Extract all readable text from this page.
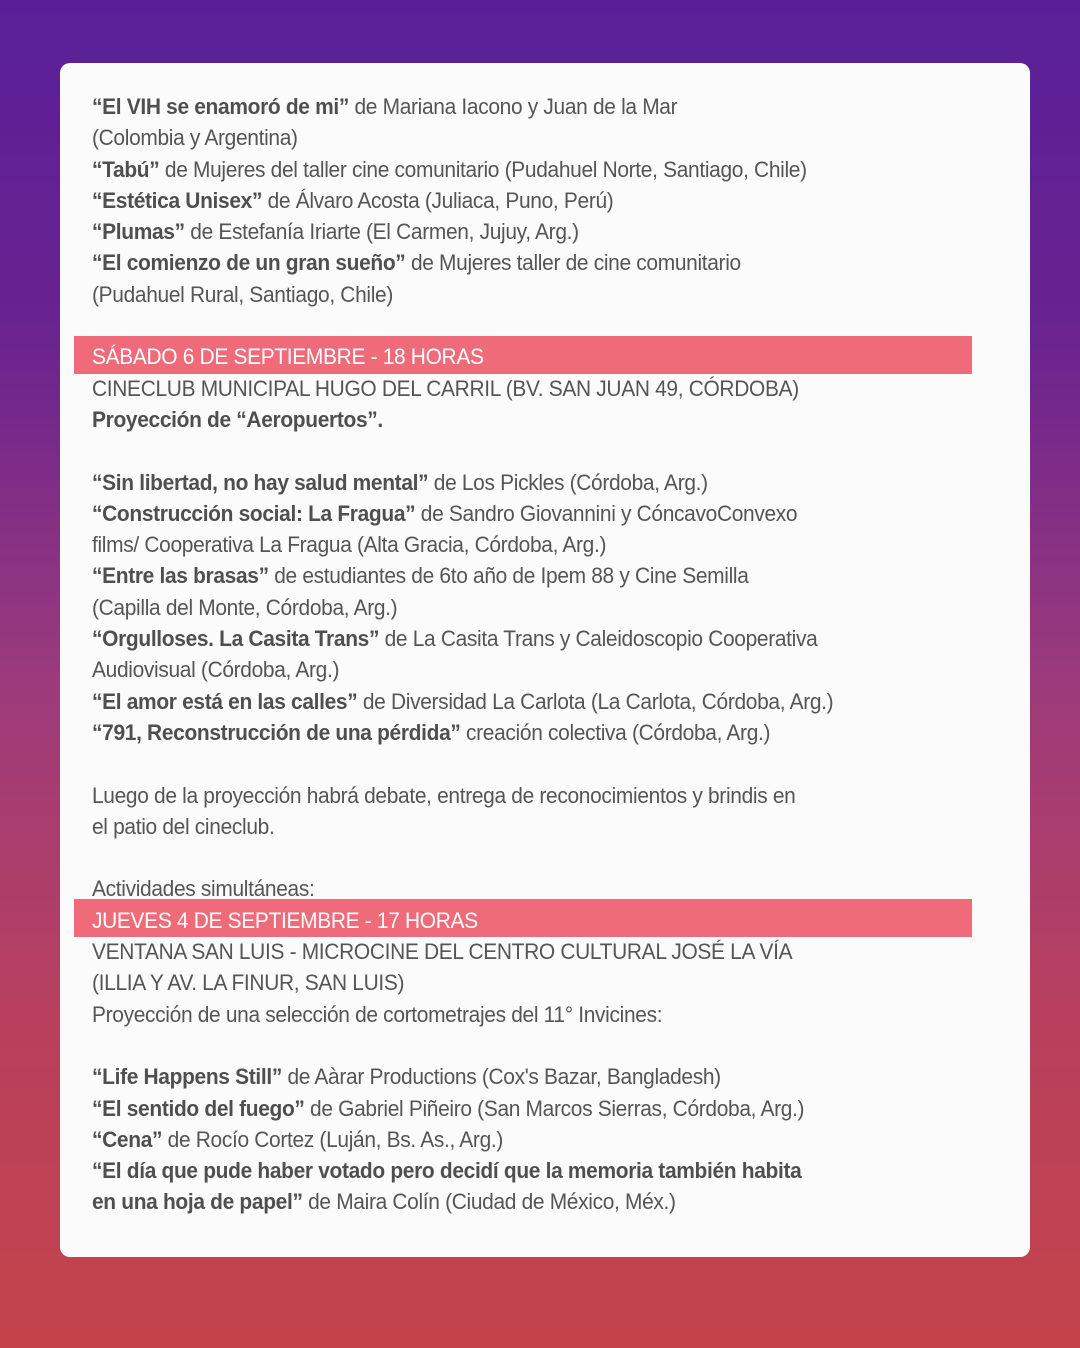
“El VIH se enamoró de mi” de Mariana Iacono y Juan de la Mar
(Colombia y Argentina)
“Tabú” de Mujeres del taller cine comunitario (Pudahuel Norte, Santiago, Chile)
“Estética Unisex” de Álvaro Acosta (Juliaca, Puno, Perú)
“Plumas” de Estefanía Iriarte (El Carmen, Jujuy, Arg.)
“El comienzo de un gran sueño” de Mujeres taller de cine comunitario
(Pudahuel Rural, Santiago, Chile)
SÁBADO 6 DE SEPTIEMBRE - 18 HORAS
CINECLUB MUNICIPAL HUGO DEL CARRIL (BV. SAN JUAN 49, CÓRDOBA)
Proyección de “Aeropuertos”.
“Sin libertad, no hay salud mental” de Los Pickles (Córdoba, Arg.)
“Construcción social: La Fragua” de Sandro Giovannini y CóncavoConvexo
films/ Cooperativa La Fragua (Alta Gracia, Córdoba, Arg.)
“Entre las brasas” de estudiantes de 6to año de Ipem 88 y Cine Semilla
(Capilla del Monte, Córdoba, Arg.)
“Orgulloses. La Casita Trans” de La Casita Trans y Caleidoscopio Cooperativa
Audiovisual (Córdoba, Arg.)
“El amor está en las calles” de Diversidad La Carlota (La Carlota, Córdoba, Arg.)
“791, Reconstrucción de una pérdida” creación colectiva (Córdoba, Arg.)
Luego de la proyección habrá debate, entrega de reconocimientos y brindis en
el patio del cineclub.
Actividades simultáneas:
JUEVES 4 DE SEPTIEMBRE - 17 HORAS
VENTANA SAN LUIS - MICROCINE DEL CENTRO CULTURAL JOSÉ LA VÍA
(ILLIA Y AV. LA FINUR, SAN LUIS)
Proyección de una selección de cortometrajes del 11° Invicines:
“Life Happens Still” de Aàrar Productions (Cox's Bazar, Bangladesh)
“El sentido del fuego” de Gabriel Piñeiro (San Marcos Sierras, Córdoba, Arg.)
“Cena” de Rocío Cortez (Luján, Bs. As., Arg.)
“El día que pude haber votado pero decidí que la memoria también habita
en una hoja de papel” de Maira Colín (Ciudad de México, Méx.)
